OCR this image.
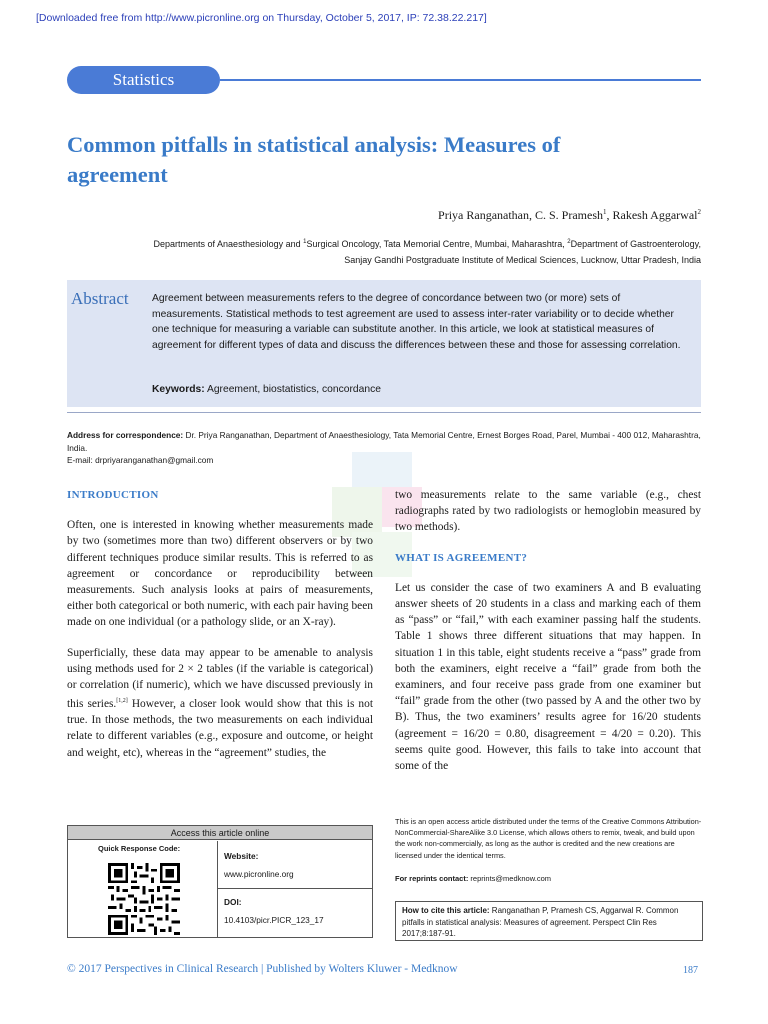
[Downloaded free from http://www.picronline.org on Thursday, October 5, 2017, IP: 72.38.22.217]
Statistics
Common pitfalls in statistical analysis: Measures of agreement
Priya Ranganathan, C. S. Pramesh$^1$, Rakesh Aggarwal$^2$
Departments of Anaesthesiology and $^1$Surgical Oncology, Tata Memorial Centre, Mumbai, Maharashtra, $^2$Department of Gastroenterology,
Sanjay Gandhi Postgraduate Institute of Medical Sciences, Lucknow, Uttar Pradesh, India
Abstract Agreement between measurements refers to the degree of concordance between two (or more) sets of measurements. Statistical methods to test agreement are used to assess inter-rater variability or to decide whether one technique for measuring a variable can substitute another. In this article, we look at statistical measures of agreement for different types of data and discuss the differences between these and those for assessing correlation.
Keywords: Agreement, biostatistics, concordance
Address for correspondence: Dr. Priya Ranganathan, Department of Anaesthesiology, Tata Memorial Centre, Ernest Borges Road, Parel, Mumbai - 400 012, Maharashtra, India.
E-mail: drpriyaranganathan@gmail.com
INTRODUCTION

Often, one is interested in knowing whether measurements made by two (sometimes more than two) different observers or by two different techniques produce similar results. This is referred to as agreement or concordance or reproducibility between measurements. Such analysis looks at pairs of measurements, either both categorical or both numeric, with each pair having been made on one individual (or a pathology slide, or an X-ray).

Superficially, these data may appear to be amenable to analysis using methods used for 2 × 2 tables (if the variable is categorical) or correlation (if numeric), which we have discussed previously in this series.[1,2] However, a closer look would show that this is not true. In those methods, the two measurements on each individual relate to different variables (e.g., exposure and outcome, or height and weight, etc), whereas in the “agreement” studies, the

two measurements relate to the same variable (e.g., chest radiographs rated by two radiologists or hemoglobin measured by two methods).

WHAT IS AGREEMENT?

Let us consider the case of two examiners A and B evaluating answer sheets of 20 students in a class and marking each of them as “pass” or “fail,” with each examiner passing half the students. Table 1 shows three different situations that may happen. In situation 1 in this table, eight students receive a “pass” grade from both the examiners, eight receive a “fail” grade from both the examiners, and four receive pass grade from one examiner but “fail” grade from the other (two passed by A and the other two by B). Thus, the two examiners’ results agree for 16/20 students (agreement = 16/20 = 0.80, disagreement = 4/20 = 0.20). This seems quite good. However, this fails to take into account that some of the

Access this article online
Quick Response Code:
Website:
www.picronline.org
DOI:
10.4103/picr.PICR_123_17
This is an open access article distributed under the terms of the Creative Commons Attribution-NonCommercial-ShareAlike 3.0 License, which allows others to remix, tweak, and build upon the work non-commercially, as long as the author is credited and the new creations are licensed under the identical terms.
For reprints contact: reprints@medknow.com
How to cite this article: Ranganathan P, Pramesh CS, Aggarwal R. Common pitfalls in statistical analysis: Measures of agreement. Perspect Clin Res 2017;8:187-91.
© 2017 Perspectives in Clinical Research | Published by Wolters Kluwer - Medknow	187
